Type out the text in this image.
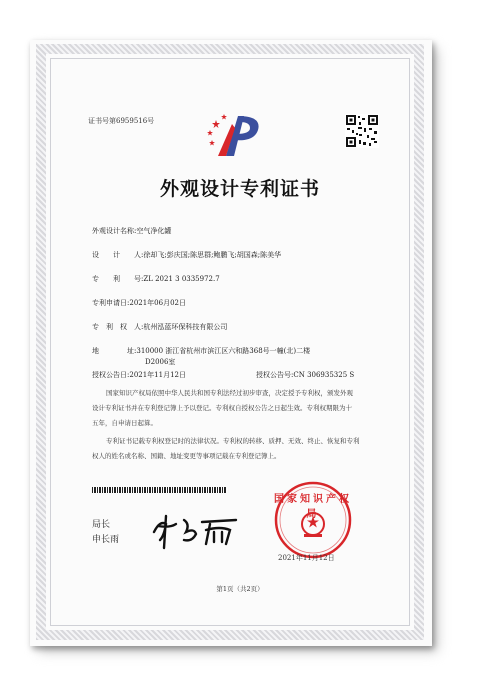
证书号第6959516号
外观设计专利证书
外观设计名称:空气净化罐
设　　计　　人:徐却飞;彭庆国;陈思群;鲍鹏飞;胡国森;陈美华
专　　利　　号:ZL 2021 3 0335972.7
专利申请日:2021年06月02日
专　利　权　人:杭州泓蓝环保科技有限公司
地　　　　址:310000 浙江省杭州市滨江区六和路368号一幢(北)二楼
D2006室
授权公告日:2021年11月12日	授权公告号:CN 306935325 S
国家知识产权局依照中华人民共和国专利法经过初步审查，决定授予专利权，颁发外观
设计专利证书并在专利登记簿上予以登记。专利权自授权公告之日起生效。专利权期限为十
五年，自申请日起算。
专利证书记载专利权登记时的法律状况。专利权的转移、质押、无效、终止、恢复和专利
权人的姓名或名称、国籍、地址变更等事项记载在专利登记簿上。
局长
申长雨
国家知识产权局
2021年11月12日
第1页（共2页）
